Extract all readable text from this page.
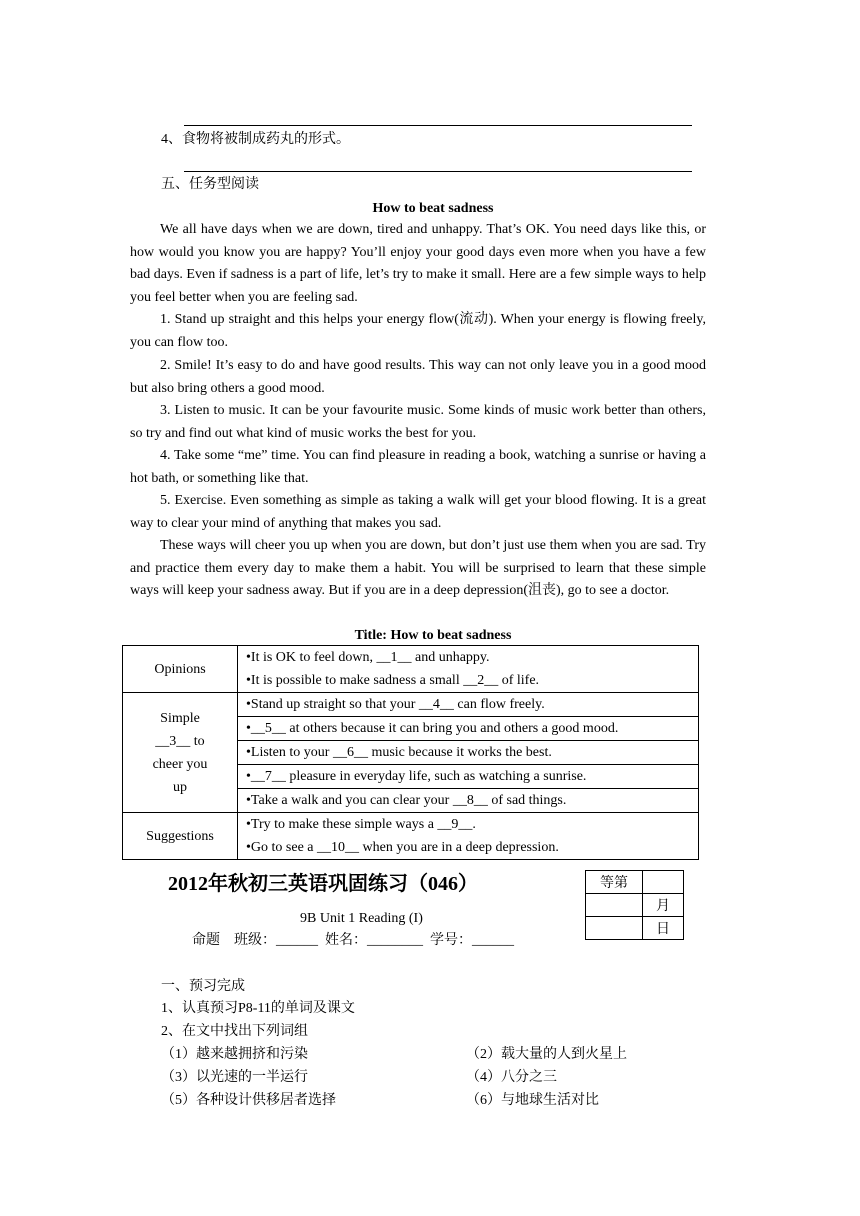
4、食物将被制成药丸的形式。
五、任务型阅读
How to beat sadness
We all have days when we are down, tired and unhappy. That’s OK. You need days like this, or how would you know you are happy? You’ll enjoy your good days even more when you have a few bad days. Even if sadness is a part of life, let’s try to make it small. Here are a few simple ways to help you feel better when you are feeling sad.
1. Stand up straight and this helps your energy flow(流动). When your energy is flowing freely, you can flow too.
2. Smile! It’s easy to do and have good results. This way can not only leave you in a good mood but also bring others a good mood.
3. Listen to music. It can be your favourite music. Some kinds of music work better than others, so try and find out what kind of music works the best for you.
4. Take some “me” time. You can find pleasure in reading a book, watching a sunrise or having a hot bath, or something like that.
5. Exercise. Even something as simple as taking a walk will get your blood flowing. It is a great way to clear your mind of anything that makes you sad.
These ways will cheer you up when you are down, but don’t just use them when you are sad. Try and practice them every day to make them a habit. You will be surprised to learn that these simple ways will keep your sadness away. But if you are in a deep depression(沮丧), go to see a doctor.
Title: How to beat sadness
Opinions	• It is OK to feel down, __1__ and unhappy.
• It is possible to make sadness a small __2__ of life.

Simple __3__ to cheer you up	• Stand up straight so that your __4__ can flow freely.
	• __5__ at others because it can bring you and others a good mood.
	• Listen to your __6__ music because it works the best.
	• __7__ pleasure in everyday life, such as watching a sunrise.
	• Take a walk and you can clear your __8__ of sad things.
Suggestions	• Try to make these simple ways a __9__.
• Go to see a __10__ when you are in a deep depression.
2012年秋初三英语巩固练习（046）	等第	
	月
	日
9B Unit 1 Reading (I)
命题    班级：______  姓名：________  学号：______
一、预习完成
1、认真预习P8-11的单词及课文
2、在文中找出下列词组
（1）越来越拥挤和污染	（2）载大量的人到火星上
（3）以光速的一半运行	（4）八分之三
（5）各种设计供移居者选择	（6）与地球生活对比
